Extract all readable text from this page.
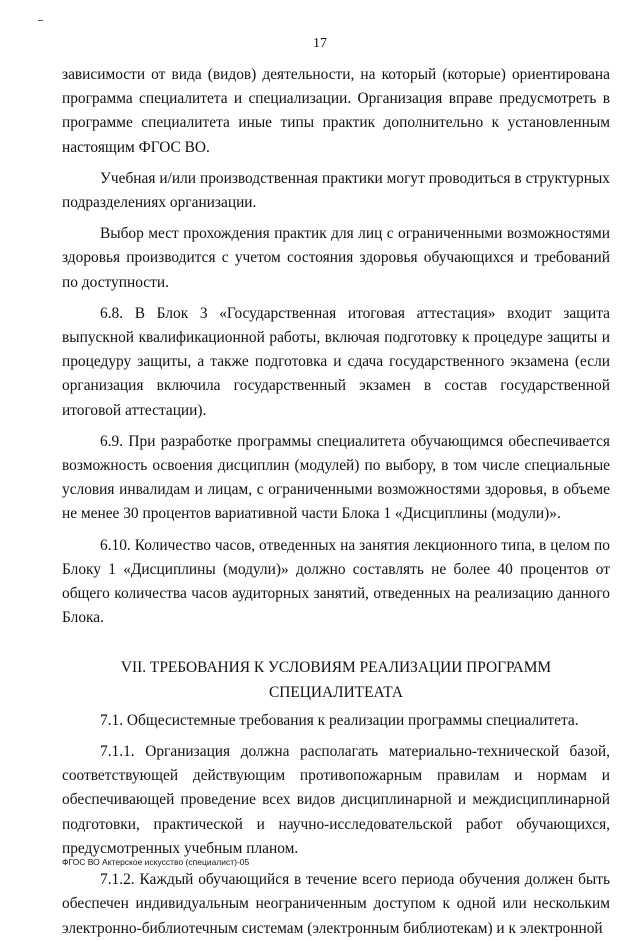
17

зависимости от вида (видов) деятельности, на который (которые) ориентирована программа специалитета и специализации. Организация вправе предусмотреть в программе специалитета иные типы практик дополнительно к установленным настоящим ФГОС ВО.

Учебная и/или производственная практики могут проводиться в структурных подразделениях организации.

Выбор мест прохождения практик для лиц с ограниченными возможностями здоровья производится с учетом состояния здоровья обучающихся и требований по доступности.

6.8. В Блок 3 «Государственная итоговая аттестация» входит защита выпускной квалификационной работы, включая подготовку к процедуре защиты и процедуру защиты, а также подготовка и сдача государственного экзамена (если организация включила государственный экзамен в состав государственной итоговой аттестации).

6.9. При разработке программы специалитета обучающимся обеспечивается возможность освоения дисциплин (модулей) по выбору, в том числе специальные условия инвалидам и лицам, с ограниченными возможностями здоровья, в объеме не менее 30 процентов вариативной части Блока 1 «Дисциплины (модули)».

6.10. Количество часов, отведенных на занятия лекционного типа, в целом по Блоку 1 «Дисциплины (модули)» должно составлять не более 40 процентов от общего количества часов аудиторных занятий, отведенных на реализацию данного Блока.

VII. ТРЕБОВАНИЯ К УСЛОВИЯМ РЕАЛИЗАЦИИ ПРОГРАММ
СПЕЦИАЛИТЕАТА

7.1. Общесистемные требования к реализации программы специалитета.

7.1.1. Организация должна располагать материально-технической базой, соответствующей действующим противопожарным правилам и нормам и обеспечивающей проведение всех видов дисциплинарной и междисциплинарной подготовки, практической и научно-исследовательской работ обучающихся, предусмотренных учебным планом.

7.1.2. Каждый обучающийся в течение всего периода обучения должен быть обеспечен индивидуальным неограниченным доступом к одной или нескольким электронно-библиотечным системам (электронным библиотекам) и к электронной

ФГОС ВО Актерское искусство (специалист)-05
